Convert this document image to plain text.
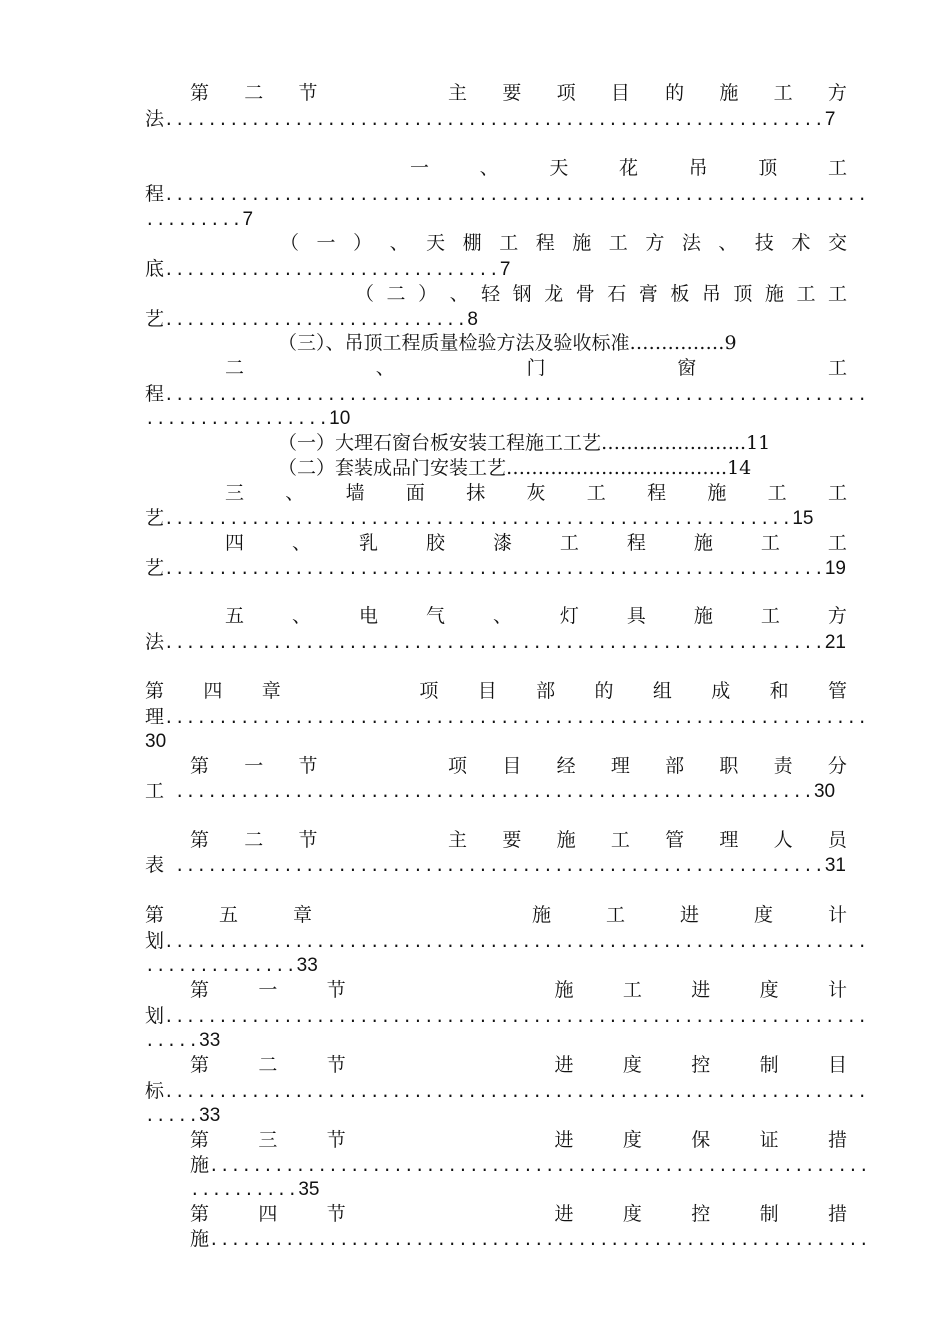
第 二 节	主 要 项 目 的 施 工 方
法.............................................................7
一	、	天	花	吊	顶	工
程.................................................................
.........7
（ 一 ） 、 天 棚 工 程 施 工 方 法 、 技 术 交
底...............................7
（ 二 ） 、 轻 钢 龙 骨 石 膏 板 吊 顶 施 工 工
艺............................8
（三）、吊顶工程质量检验方法及验收标准……………9
二	、	门	窗	工
程.................................................................
.................10
（一）大理石窗台板安装工程施工工艺…………………..11
（二）套装成品门安装工艺……………………………..14
三 、 墙 面 抹 灰 工 程 施 工 工
艺..........................................................15
四	、	乳	胶	漆	工	程	施	工	工
艺.............................................................19
五	、	电	气	、	灯	具	施	工	方
法.............................................................21
第 四 章	项 目 部 的 组 成 和 管
理.................................................................
30
第 一 节	项 目 经 理 部 职 责 分
工 ...........................................................30
第 二 节	主 要 施 工 管 理 人 员
表 ............................................................31
第	五	章	施	工	进	度	计
划.................................................................
..............33
第	一	节	施	工	进	度	计
划.................................................................
.....33
第	二	节	进	度	控	制	目
标.................................................................
.....33
第	三	节	进	度	保	证	措
施.............................................................
..........35
第	四	节	进	度	控	制	措
施.............................................................
